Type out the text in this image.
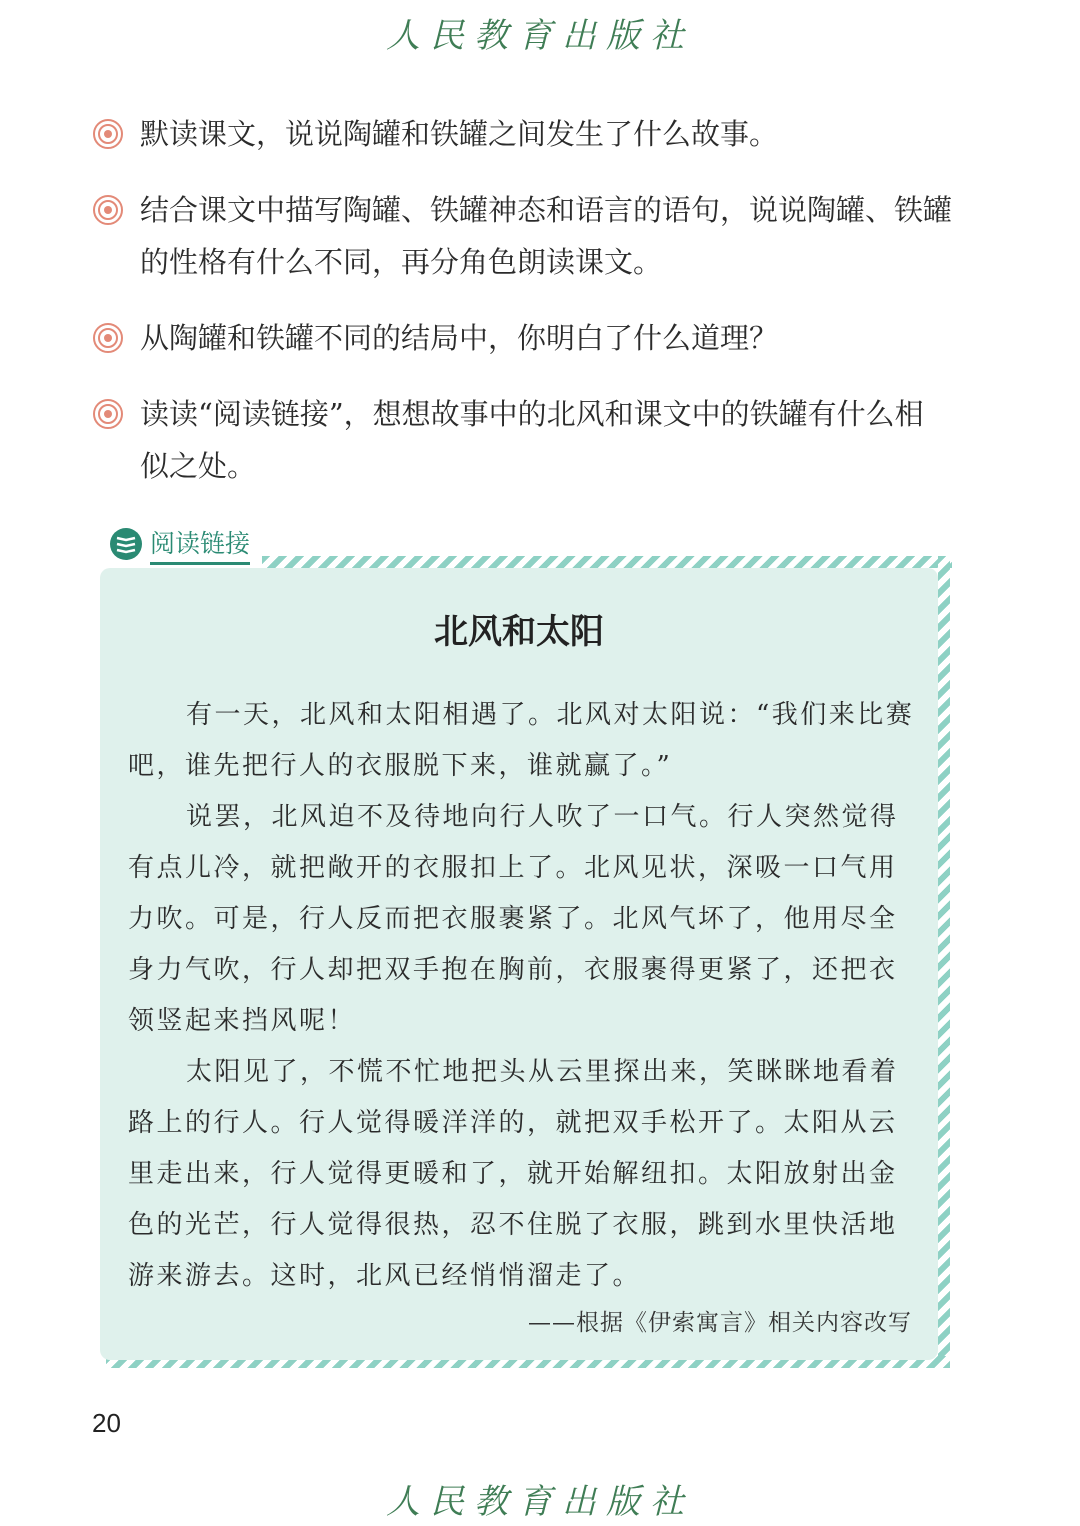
人民教育出版社
默读课文，说说陶罐和铁罐之间发生了什么故事。
结合课文中描写陶罐、铁罐神态和语言的语句，说说陶罐、铁罐的性格有什么不同，再分角色朗读课文。
从陶罐和铁罐不同的结局中，你明白了什么道理？
读读“阅读链接”，想想故事中的北风和课文中的铁罐有什么相似之处。
阅读链接
北风和太阳

有一天，北风和太阳相遇了。北风对太阳说：“我们来比赛吧，谁先把行人的衣服脱下来，谁就赢了。”

说罢，北风迫不及待地向行人吹了一口气。行人突然觉得有点儿冷，就把敞开的衣服扣上了。北风见状，深吸一口气用力吹。可是，行人反而把衣服裹紧了。北风气坏了，他用尽全身力气吹，行人却把双手抱在胸前，衣服裹得更紧了，还把衣领竖起来挡风呢！

太阳见了，不慌不忙地把头从云里探出来，笑眯眯地看着路上的行人。行人觉得暖洋洋的，就把双手松开了。太阳从云里走出来，行人觉得更暖和了，就开始解纽扣。太阳放射出金色的光芒，行人觉得很热，忍不住脱了衣服，跳到水里快活地游来游去。这时，北风已经悄悄溜走了。

——根据《伊索寓言》相关内容改写
20
人民教育出版社
